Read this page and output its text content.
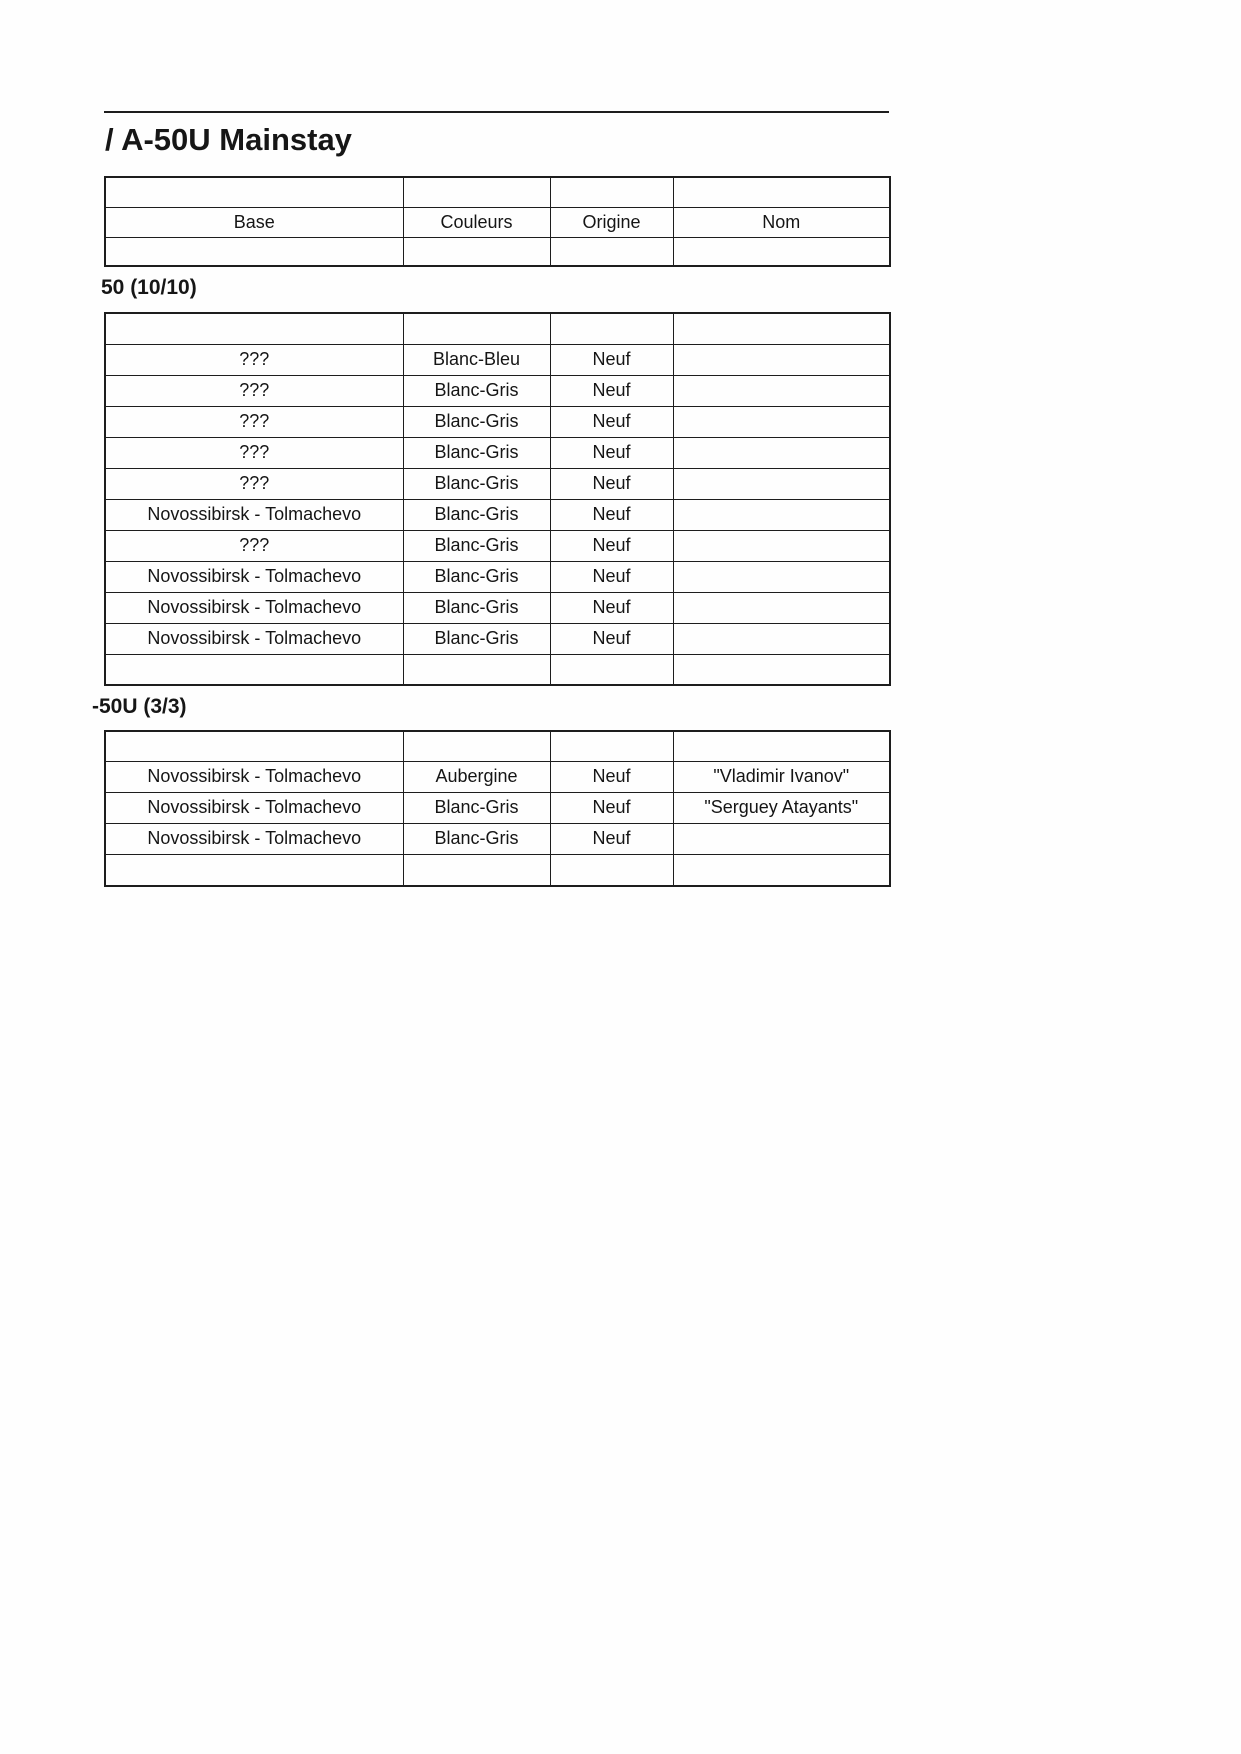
/ A-50U Mainstay

Base	Couleurs	Origine	Nom

50 (10/10)

???	Blanc-Bleu	Neuf	
???	Blanc-Gris	Neuf	
???	Blanc-Gris	Neuf	
???	Blanc-Gris	Neuf	
???	Blanc-Gris	Neuf	
Novossibirsk - Tolmachevo	Blanc-Gris	Neuf	
???	Blanc-Gris	Neuf	
Novossibirsk - Tolmachevo	Blanc-Gris	Neuf	
Novossibirsk - Tolmachevo	Blanc-Gris	Neuf	
Novossibirsk - Tolmachevo	Blanc-Gris	Neuf	

-50U (3/3)

Novossibirsk - Tolmachevo	Aubergine	Neuf	"Vladimir Ivanov"
Novossibirsk - Tolmachevo	Blanc-Gris	Neuf	"Serguey Atayants"
Novossibirsk - Tolmachevo	Blanc-Gris	Neuf	
